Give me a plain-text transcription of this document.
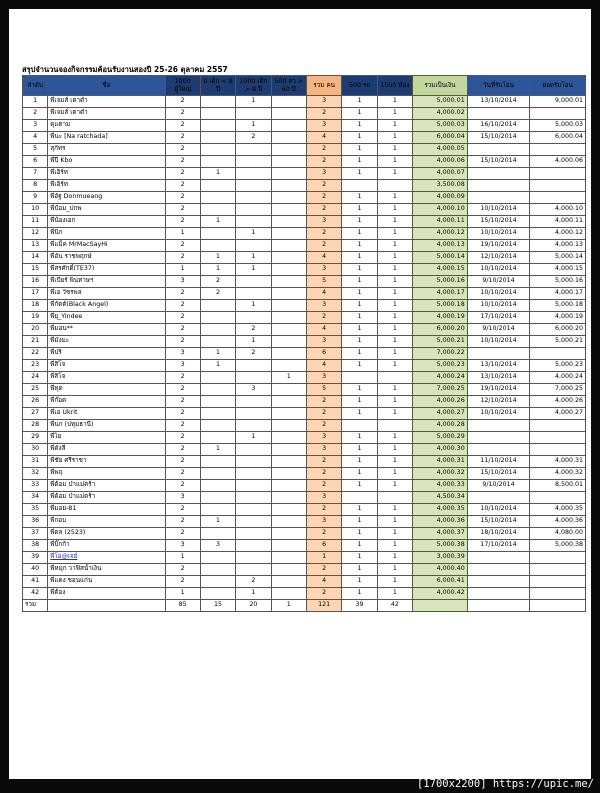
สรุปจำนวนจองกิจกรรมค้อนรับงานสองปี 25-26 ตุลาคม 2557
ลำดับ	ชื่อ	1000 ผู้ใหญ่	0 เด็ก < 8 ปี	1000 เด็ก > 8 ปี	500 สว > 60 ปี	รวม คน	500 รถ	1500 ห้อง	รวมเป็นเงิน	วันที่รับโอน	ยอดรับโอน
1	พี่เจมส์ เตาดำ	2		1		3	1	1	5,000.01	13/10/2014	9,000.01
2	พี่เจมส์ เตาดำ	2				2	1	1	4,000.02		
3	ดุแตาม	2		1		3	1	1	5,000.03	16/10/2014	5,000.03
4	พี่นะ [Na ratchada]	2		2		4	1	1	6,000.04	15/10/2014	6,000.04
5	สุกัทร	2				2	1	1	4,000.05		
6	พี่ปี Kbo	2				2	1	1	4,000.06	15/10/2014	4,000.06
7	พี่เอิร์ท	2	1			3	1	1	4,000.07		
8	พี่เอิร์ท	2				2			3,500.08		
9	พี่อัฐ Donmueang	2				2	1	1	4,000.09		
10	พี่ป๋อม_ปกพ	2				2	1	1	4,000.10	10/10/2014	4,000.10
11	พี่น้องเอก	2	1			3	1	1	4,000.11	15/10/2014	4,000.11
12	พี่นิก	1		1		2	1	1	4,000.12	10/10/2014	4,000.12
13	พี่แม็ค MrMacSayHi	2				2	1	1	4,000.13	19/10/2014	4,000.13
14	พี่อัน ราชพฤกษ์	2	1	1		4	1	1	5,000.14	12/10/2014	5,000.14
15	พี่สรศักดิ์(TE37)	1	1	1		3	1	1	4,000.15	10/10/2014	4,000.15
16	พี่เบียร์ พินท่าษฯ	3	2			5	1	1	5,000.16	9/10/2014	5,000.16
17	พี่เอ วัชรพล	2	2			4	1	1	4,000.17	10/10/2014	4,000.17
18	พี่กัตต์(Black Angel)	2		1		3	1	1	5,000.18	10/10/2014	5,000.18
19	พี่ยุ_Yindee	2				2	1	1	4,000.19	17/10/2014	4,000.19
20	พี่มอน**	2		2		4	1	1	6,000.20	9/10/2014	6,000.20
21	พี่มังมะ	2		1		3	1	1	5,000.21	10/10/2014	5,000.21
22	พี่ปริ	3	1	2		6	1	1	7,000.22		
23	พี่สิโจ	3	1			4	1	1	5,000.23	13/10/2014	5,000.23
24	พี่สิโจ	2			1	3			4,000.24	13/10/2014	4,000.24
25	พี่ทุด	2		3		5	1	1	7,000.25	19/10/2014	7,000.25
26	พี่ก๊อต	2				2	1	1	4,000.26	12/10/2014	4,000.26
27	พี่เอ Ukrit	2				2	1	1	4,000.27	10/10/2014	4,000.27
28	พี่นก (ปทุมธานี)	2				2			4,000.28		
29	พี่ไย	2		1		3	1	1	5,000.29		
30	พี่ดังลี	2	1			3	1	1	4,000.30		
31	พี่ชัย ศรีราชา	2				2	1	1	4,000.31	11/10/2014	4,000.31
32	พี่พฤ	2				2	1	1	4,000.32	15/10/2014	4,000.32
33	พี่ด้อม ป่าแม่ตร้า	2				2	1	1	4,000.33	9/10/2014	8,500.01
34	พี่ด้อม ป่าแม่ตร้า	3				3			4,500.34		
35	พี่มอย-81	2				2	1	1	4,000.35	10/10/2014	4,000.35
36	พี่กอบ	2	1			3	1	1	4,000.36	15/10/2014	4,000.36
37	พี่ดล (2523)	2				2	1	1	4,000.37	18/10/2014	4,080.00
38	พี่บิ๊กก้า	3	3			6	1	1	5,000.38	17/10/2014	5,000.38
39	พี่โอ@เจย์	1				1	1	1	3,000.39		
40	พี่หมุก วาฟิสน้ำเงิน	2				2	1	1	4,000.40		
41	พี่แดง ชอนแก่น	2		2		4	1	1	6,000.41		
42	พี่ต้อง	1		1		2	1	1	4,000.42		
รวม		85	15	20	1	121	39	42			
[1700x2200] https://upic.me/
